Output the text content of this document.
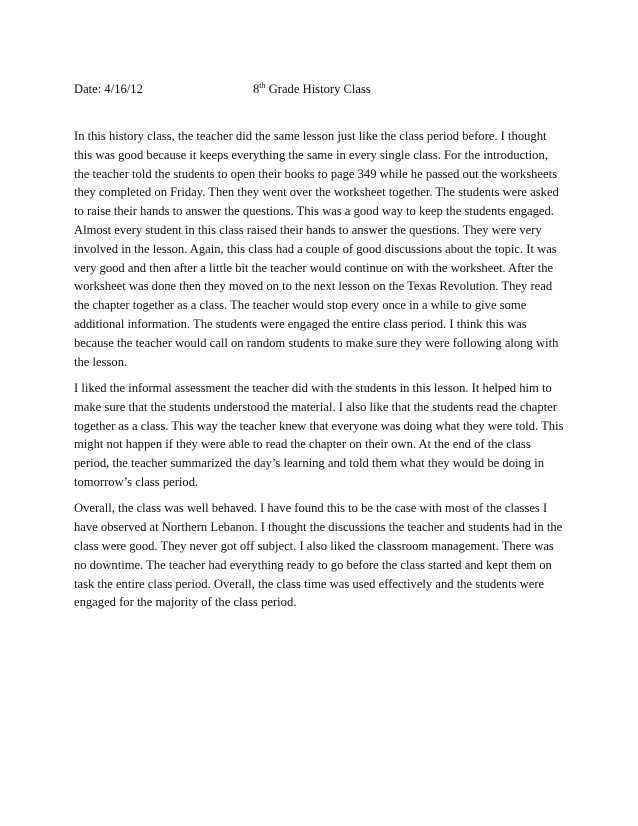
Date: 4/16/12	8th Grade History Class

In this history class, the teacher did the same lesson just like the class period before. I thought
this was good because it keeps everything the same in every single class. For the introduction,
the teacher told the students to open their books to page 349 while he passed out the worksheets
they completed on Friday. Then they went over the worksheet together. The students were asked
to raise their hands to answer the questions. This was a good way to keep the students engaged.
Almost every student in this class raised their hands to answer the questions. They were very
involved in the lesson. Again, this class had a couple of good discussions about the topic. It was
very good and then after a little bit the teacher would continue on with the worksheet. After the
worksheet was done then they moved on to the next lesson on the Texas Revolution. They read
the chapter together as a class. The teacher would stop every once in a while to give some
additional information. The students were engaged the entire class period. I think this was
because the teacher would call on random students to make sure they were following along with
the lesson.

I liked the informal assessment the teacher did with the students in this lesson. It helped him to
make sure that the students understood the material. I also like that the students read the chapter
together as a class. This way the teacher knew that everyone was doing what they were told. This
might not happen if they were able to read the chapter on their own. At the end of the class
period, the teacher summarized the day’s learning and told them what they would be doing in
tomorrow’s class period.

Overall, the class was well behaved. I have found this to be the case with most of the classes I
have observed at Northern Lebanon. I thought the discussions the teacher and students had in the
class were good. They never got off subject. I also liked the classroom management. There was
no downtime. The teacher had everything ready to go before the class started and kept them on
task the entire class period. Overall, the class time was used effectively and the students were
engaged for the majority of the class period.
